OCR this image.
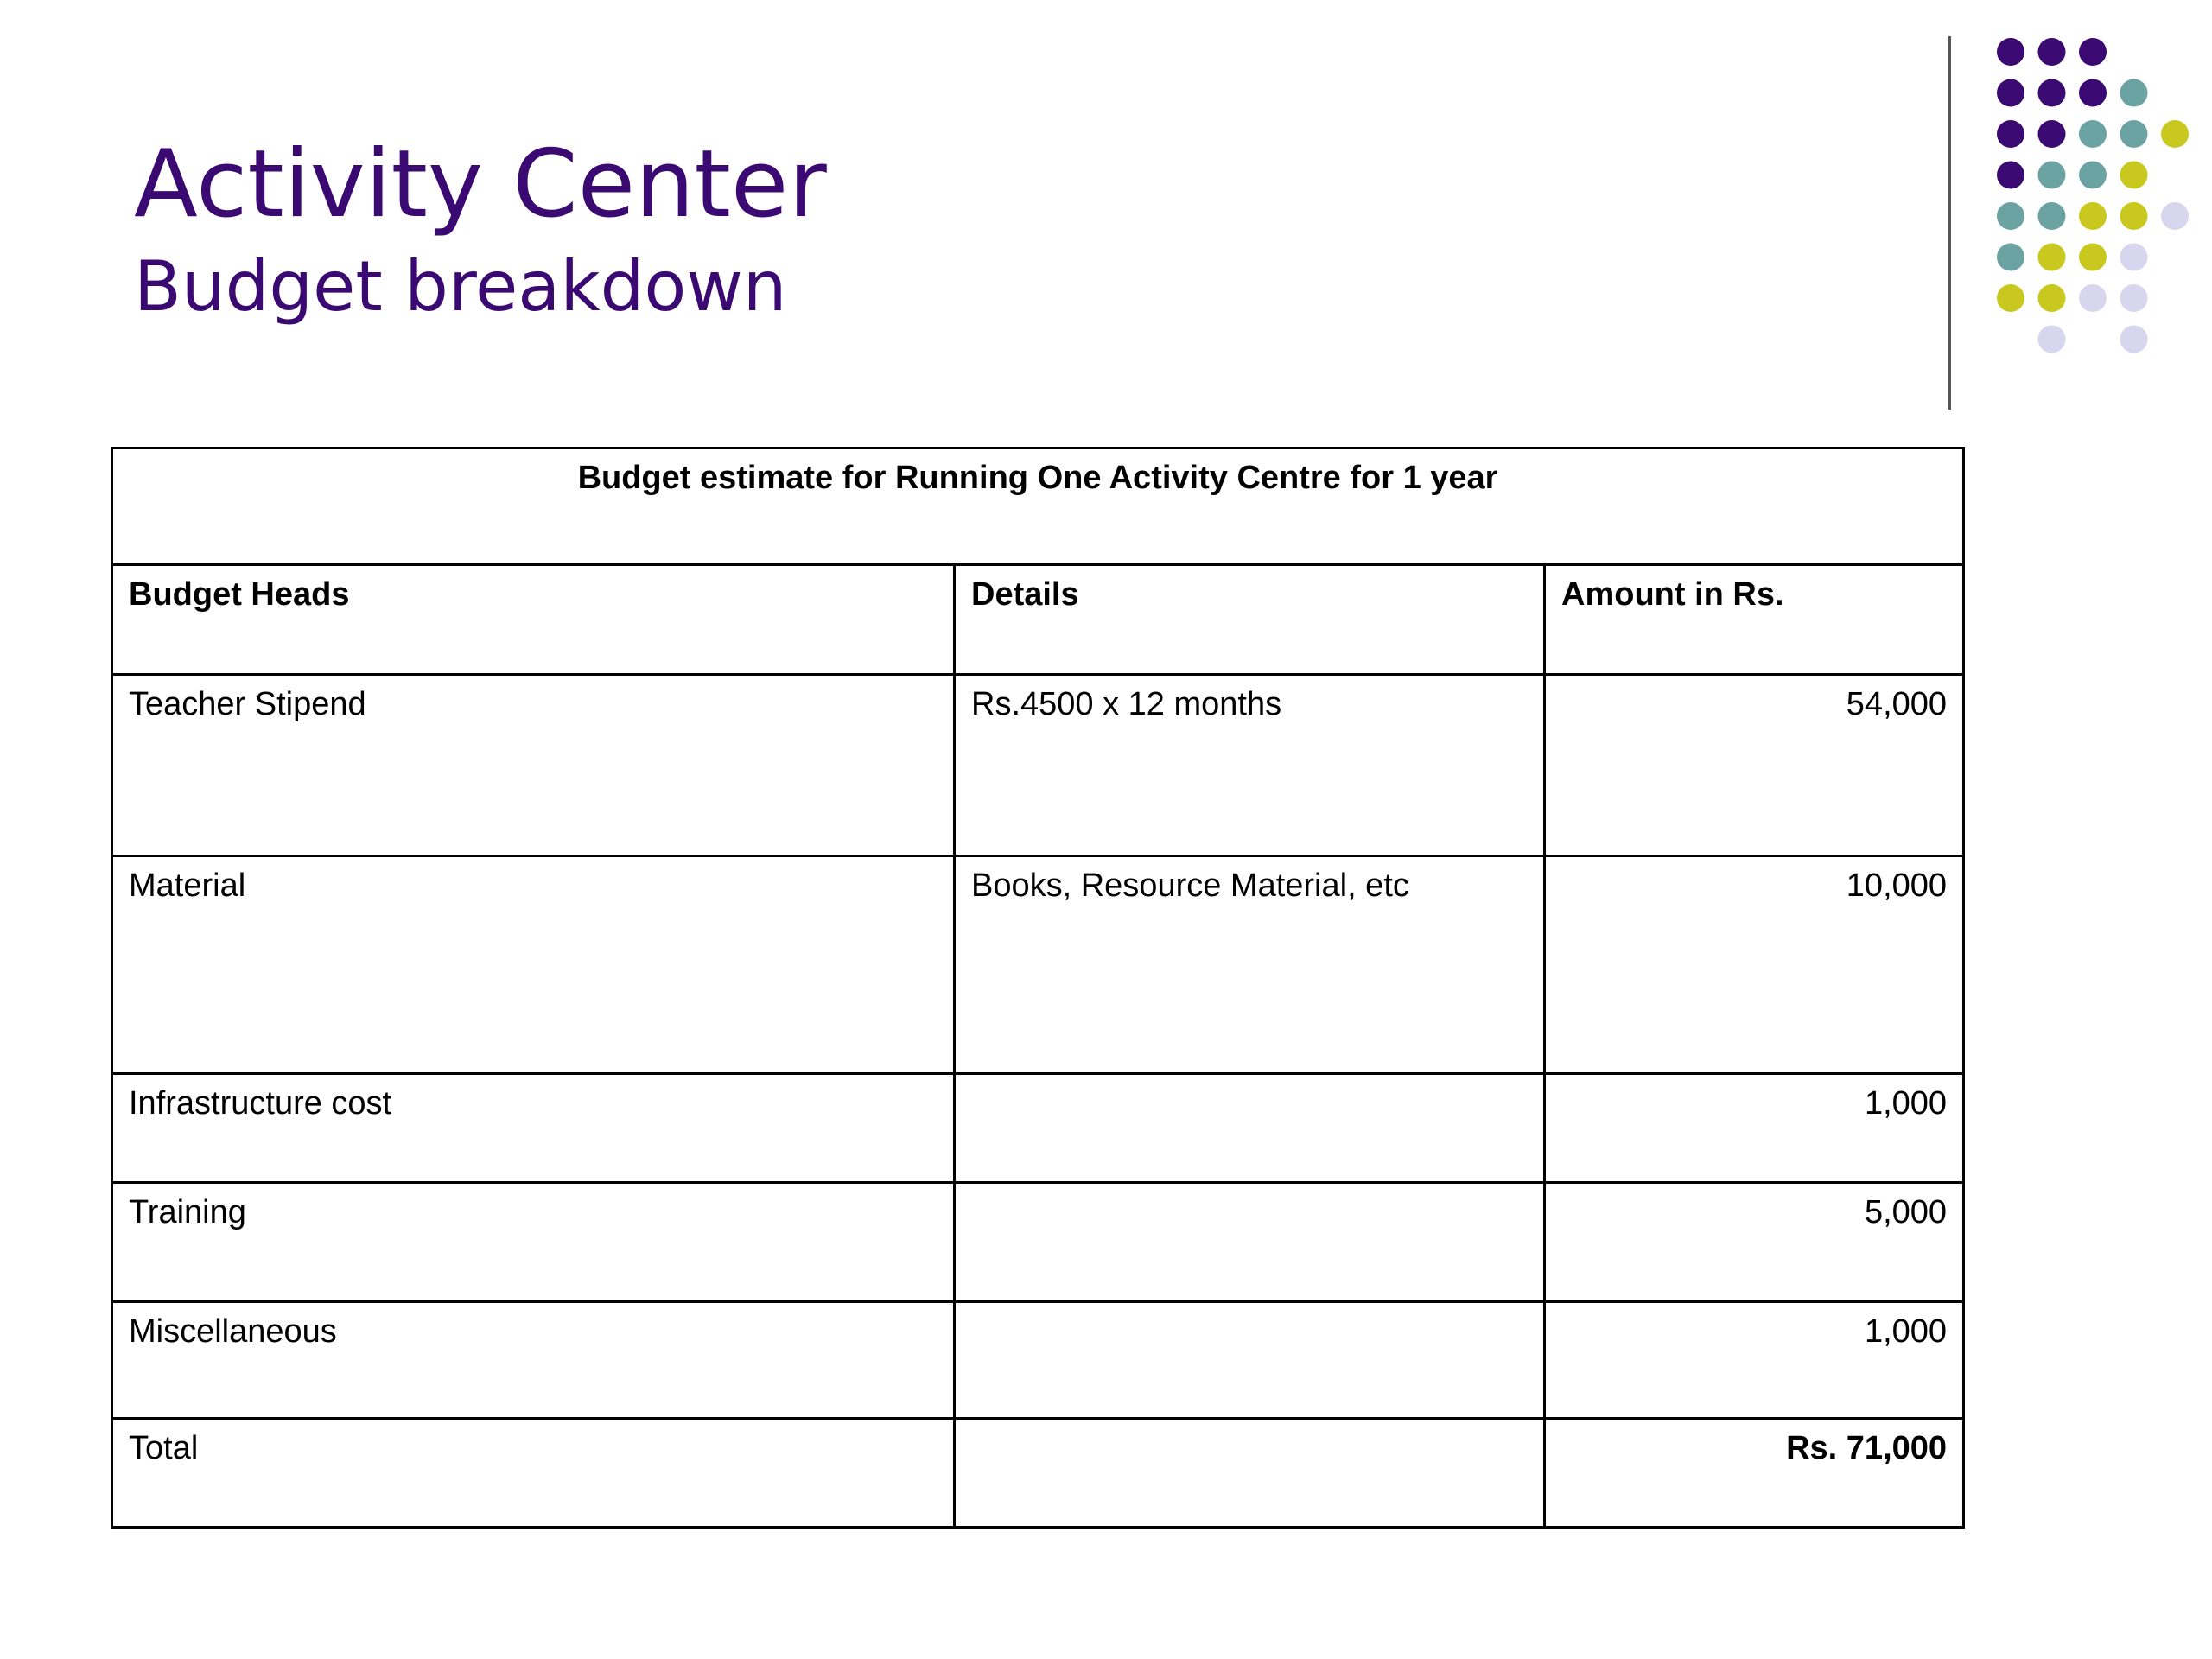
Activity Center
Budget breakdown
Budget estimate for Running One Activity Centre for 1 year		
Budget Heads	Details	Amount in Rs.
Teacher Stipend	Rs.4500 x 12 months	54,000
Material	Books, Resource Material, etc	10,000
Infrastructure cost		1,000
Training		5,000
Miscellaneous		1,000
Total		Rs. 71,000
